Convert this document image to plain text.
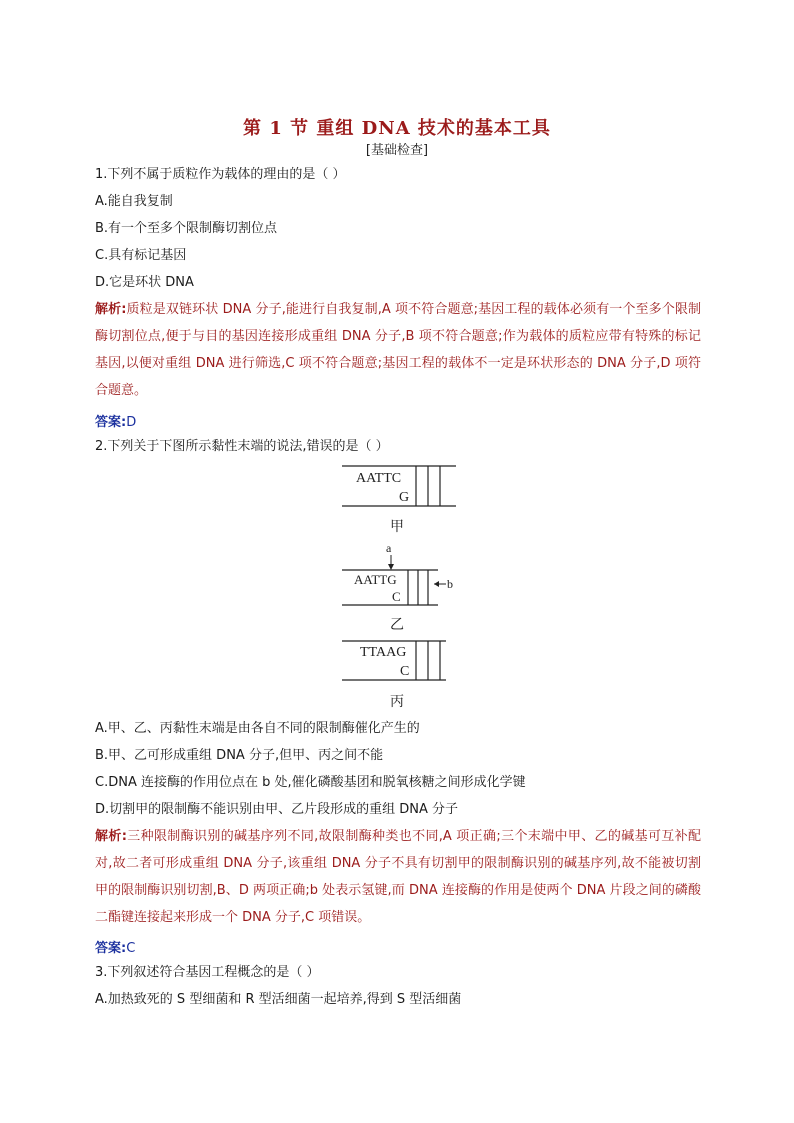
第 1 节 重组 DNA 技术的基本工具
[基础检查]
1.下列不属于质粒作为载体的理由的是（ ）
A.能自我复制
B.有一个至多个限制酶切割位点
C.具有标记基因
D.它是环状 DNA
解析:质粒是双链环状 DNA 分子,能进行自我复制,A 项不符合题意;基因工程的载体必须有一个至多个限制酶切割位点,便于与目的基因连接形成重组 DNA 分子,B 项不符合题意;作为载体的质粒应带有特殊的标记基因,以便对重组 DNA 进行筛选,C 项不符合题意;基因工程的载体不一定是环状形态的 DNA 分子,D 项符合题意。
答案:D
2.下列关于下图所示黏性末端的说法,错误的是（ ）
AATTC
G
a
AATTG
C
b
TTAAG
C
甲
乙
丙
A.甲、乙、丙黏性末端是由各自不同的限制酶催化产生的
B.甲、乙可形成重组 DNA 分子,但甲、丙之间不能
C.DNA 连接酶的作用位点在 b 处,催化磷酸基团和脱氧核糖之间形成化学键
D.切割甲的限制酶不能识别由甲、乙片段形成的重组 DNA 分子
解析:三种限制酶识别的碱基序列不同,故限制酶种类也不同,A 项正确;三个末端中甲、乙的碱基可互补配对,故二者可形成重组 DNA 分子,该重组 DNA 分子不具有切割甲的限制酶识别的碱基序列,故不能被切割甲的限制酶识别切割,B、D 两项正确;b 处表示氢键,而 DNA 连接酶的作用是使两个 DNA 片段之间的磷酸二酯键连接起来形成一个 DNA 分子,C 项错误。
答案:C
3.下列叙述符合基因工程概念的是（ ）
A.加热致死的 S 型细菌和 R 型活细菌一起培养,得到 S 型活细菌
